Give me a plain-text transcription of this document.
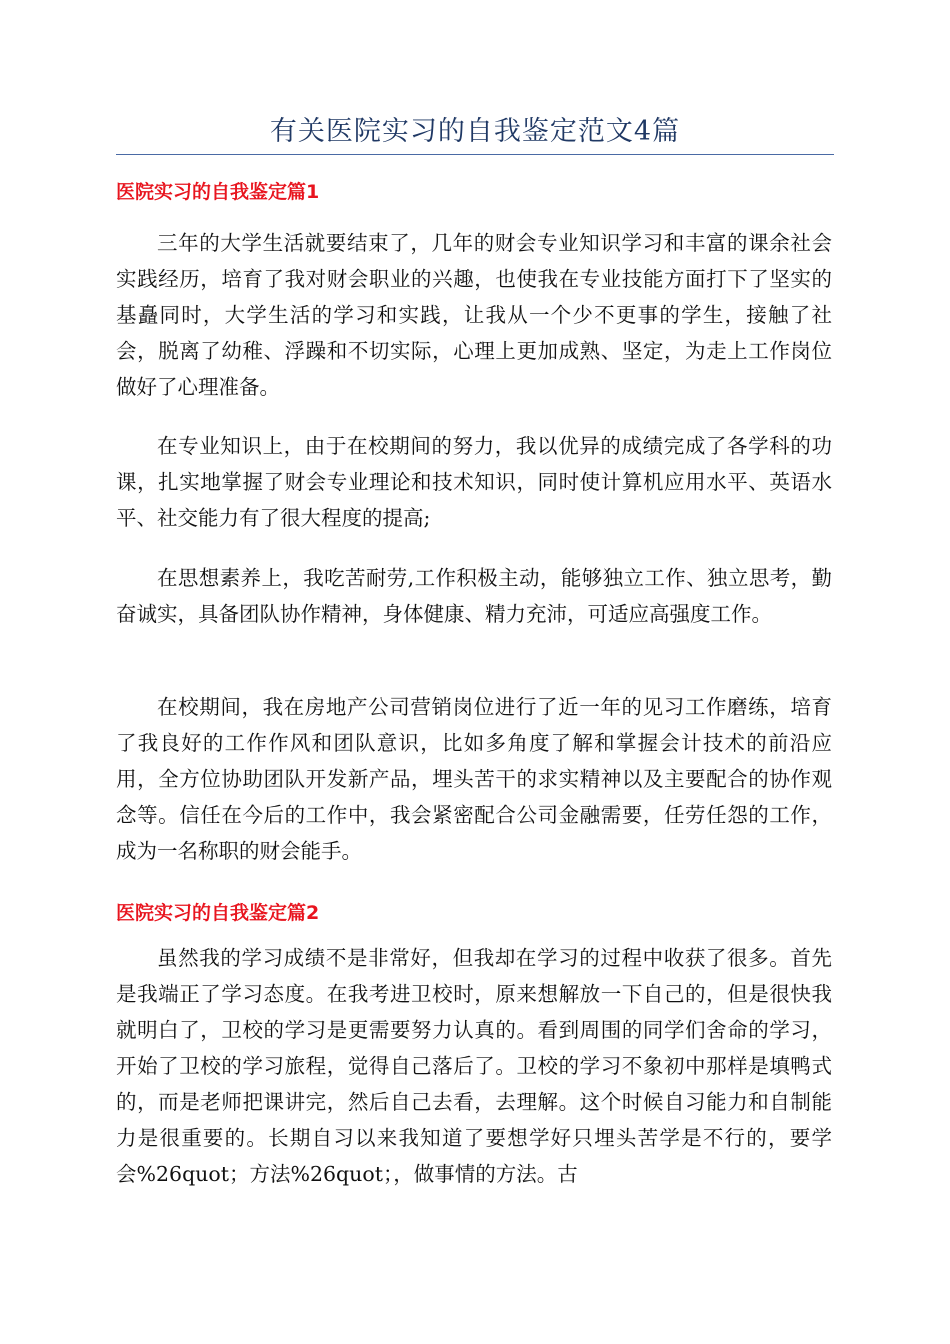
有关医院实习的自我鉴定范文4篇
医院实习的自我鉴定篇1

三年的大学生活就要结束了，几年的财会专业知识学习和丰富的课余社会实践经历，培育了我对财会职业的兴趣，也使我在专业技能方面打下了坚实的基矗同时，大学生活的学习和实践，让我从一个少不更事的学生，接触了社会，脱离了幼稚、浮躁和不切实际，心理上更加成熟、坚定，为走上工作岗位做好了心理准备。

在专业知识上，由于在校期间的努力，我以优异的成绩完成了各学科的功课，扎实地掌握了财会专业理论和技术知识，同时使计算机应用水平、英语水平、社交能力有了很大程度的提高;

在思想素养上，我吃苦耐劳,工作积极主动，能够独立工作、独立思考，勤奋诚实，具备团队协作精神，身体健康、精力充沛，可适应高强度工作。

在校期间，我在房地产公司营销岗位进行了近一年的见习工作磨练，培育了我良好的工作作风和团队意识，比如多角度了解和掌握会计技术的前沿应用，全方位协助团队开发新产品，埋头苦干的求实精神以及主要配合的协作观念等。信任在今后的工作中，我会紧密配合公司金融需要，任劳任怨的工作，成为一名称职的财会能手。

医院实习的自我鉴定篇2

虽然我的学习成绩不是非常好，但我却在学习的过程中收获了很多。首先是我端正了学习态度。在我考进卫校时，原来想解放一下自己的，但是很快我就明白了，卫校的学习是更需要努力认真的。看到周围的同学们舍命的学习，开始了卫校的学习旅程，觉得自己落后了。卫校的学习不象初中那样是填鸭式的，而是老师把课讲完，然后自己去看，去理解。这个时候自习能力和自制能力是很重要的。长期自习以来我知道了要想学好只埋头苦学是不行的，要学会%26quot；方法%26quot；，做事情的方法。古
